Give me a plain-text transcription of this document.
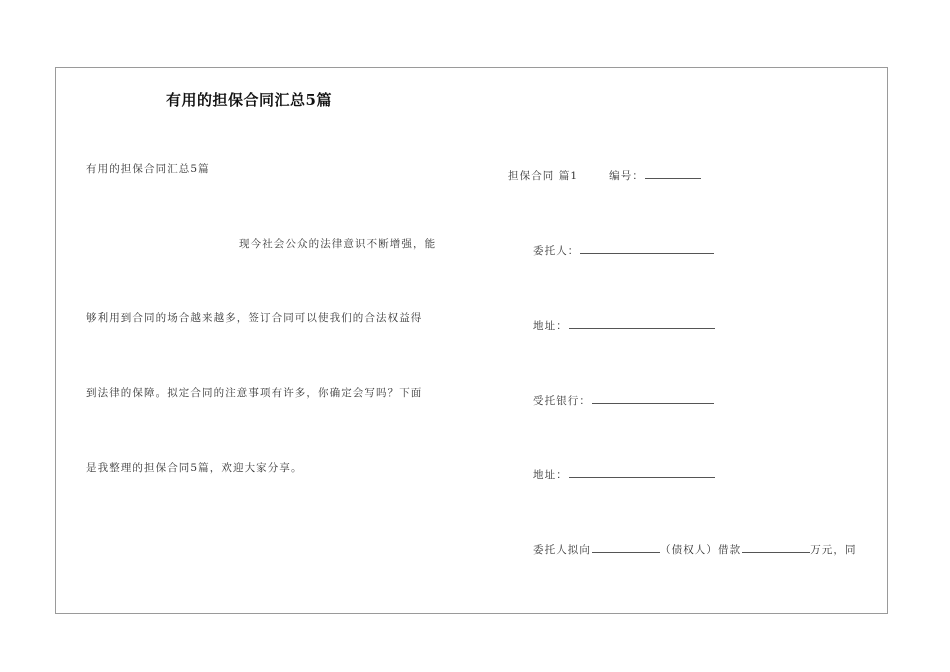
有用的担保合同汇总5篇
有用的担保合同汇总5篇
现今社会公众的法律意识不断增强，能
够利用到合同的场合越来越多，签订合同可以使我们的合法权益得
到法律的保障。拟定合同的注意事项有许多，你确定会写吗？下面
是我整理的担保合同5篇，欢迎大家分享。
担保合同 篇1	编号：
委托人：
地址：
受托银行：
地址：
委托人拟向	（债权人）借款	万元，同
